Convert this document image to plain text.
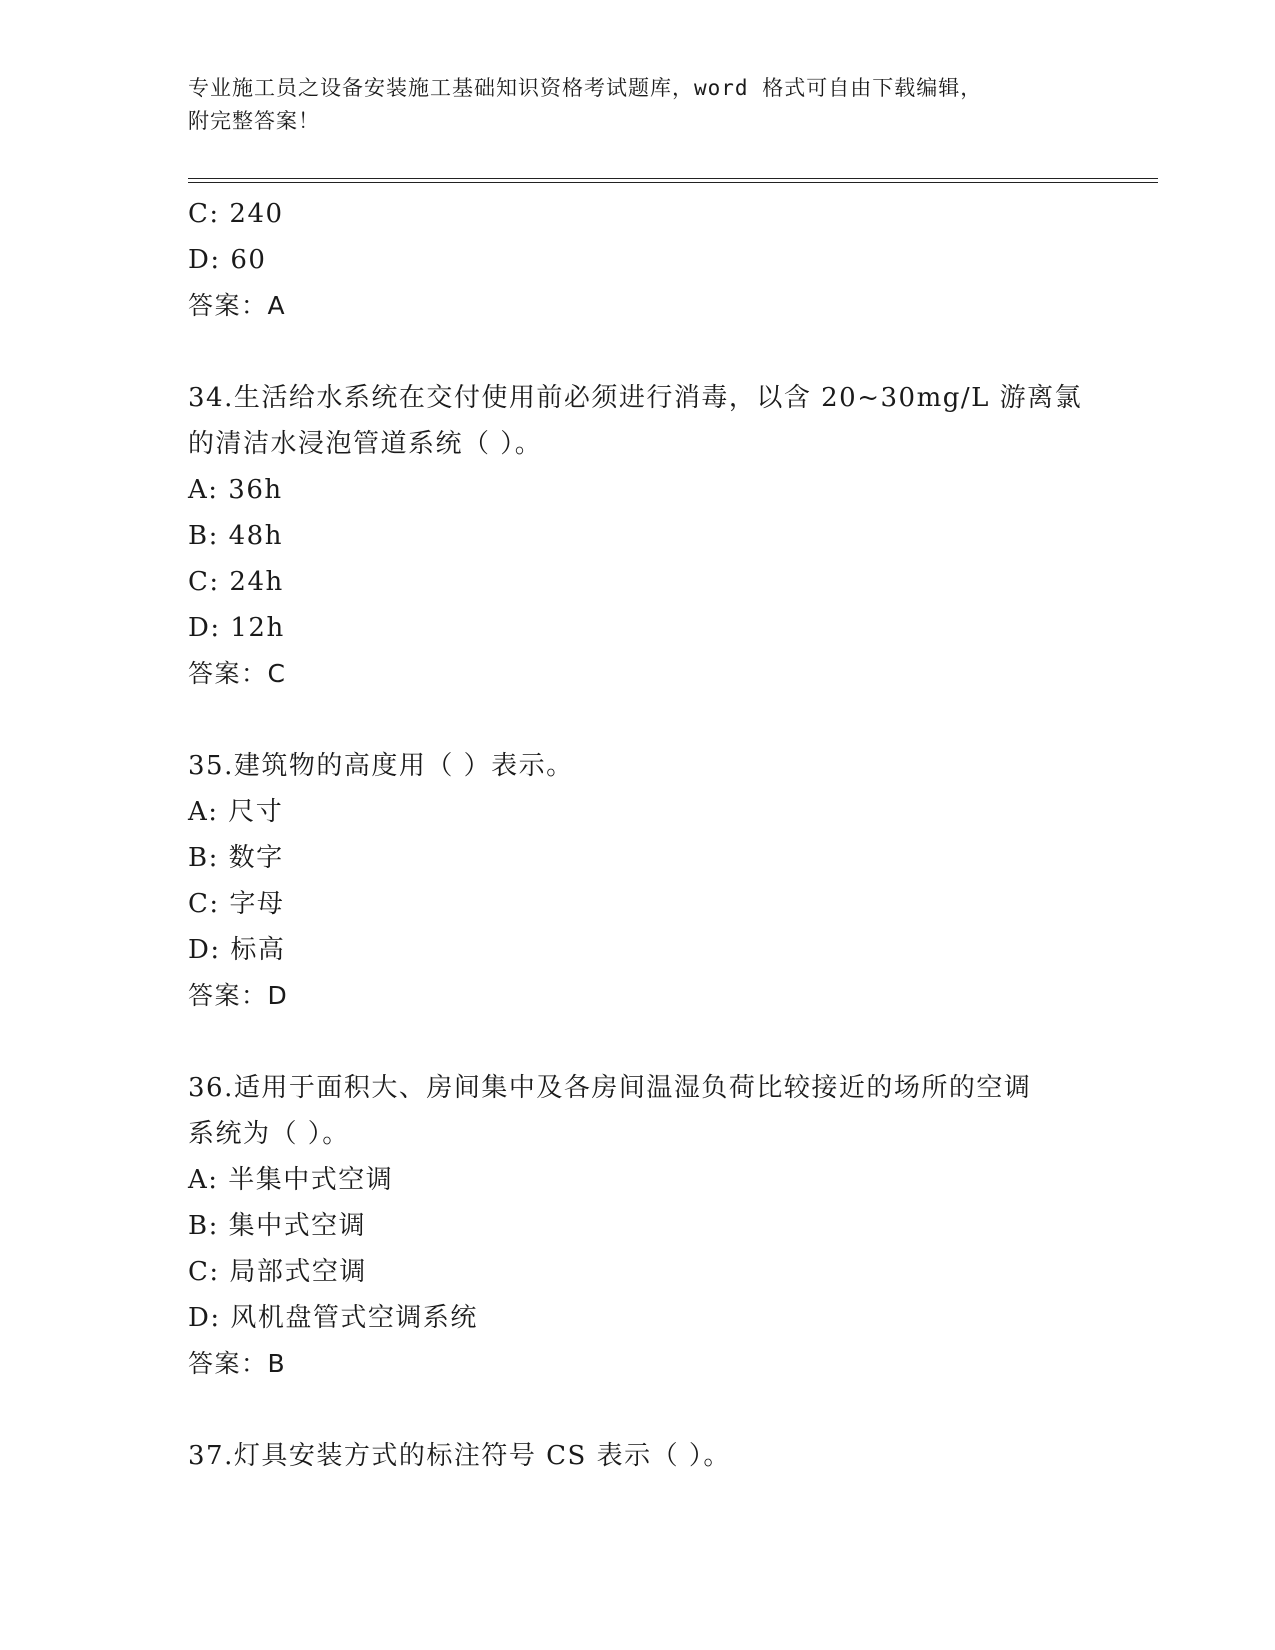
专业施工员之设备安装施工基础知识资格考试题库，word 格式可自由下载编辑，
附完整答案！
C: 240
D: 60
答案：A
34.生活给水系统在交付使用前必须进行消毒，以含 20~30mg/L 游离氯
的清洁水浸泡管道系统（ ）。
A: 36h
B: 48h
C: 24h
D: 12h
答案：C
35.建筑物的高度用（ ）表示。
A: 尺寸
B: 数字
C: 字母
D: 标高
答案：D
36.适用于面积大、房间集中及各房间温湿负荷比较接近的场所的空调
系统为（ ）。
A: 半集中式空调
B: 集中式空调
C: 局部式空调
D: 风机盘管式空调系统
答案：B
37.灯具安装方式的标注符号 CS 表示（ ）。
